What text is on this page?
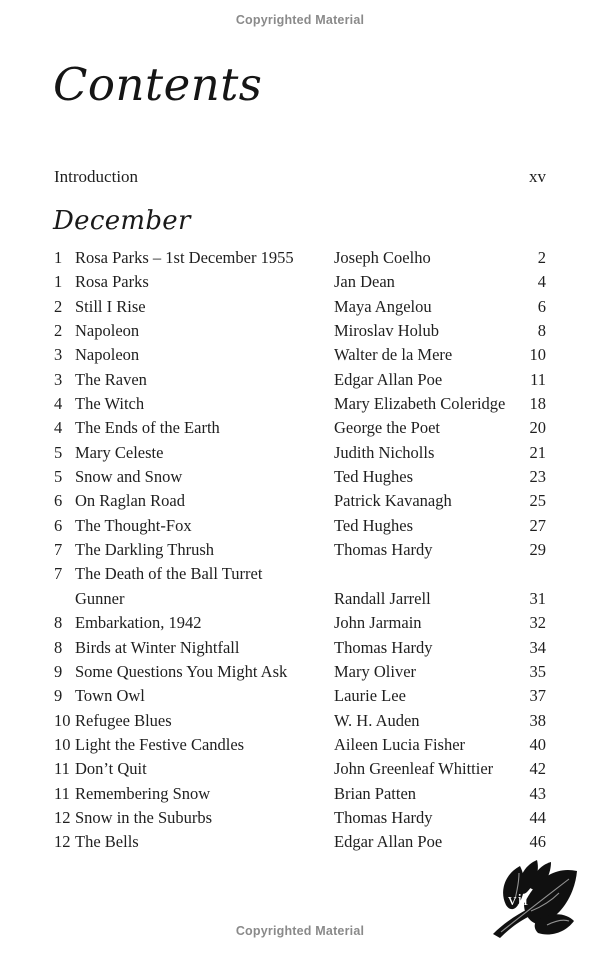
Copyrighted Material
Contents
Introduction	xv
December
1 Rosa Parks – 1st December 1955	Joseph Coelho	2
1 Rosa Parks	Jan Dean	4
2 Still I Rise	Maya Angelou	6
2 Napoleon	Miroslav Holub	8
3 Napoleon	Walter de la Mere	10
3 The Raven	Edgar Allan Poe	11
4 The Witch	Mary Elizabeth Coleridge	18
4 The Ends of the Earth	George the Poet	20
5 Mary Celeste	Judith Nicholls	21
5 Snow and Snow	Ted Hughes	23
6 On Raglan Road	Patrick Kavanagh	25
6 The Thought-Fox	Ted Hughes	27
7 The Darkling Thrush	Thomas Hardy	29
7 The Death of the Ball Turret
Gunner	Randall Jarrell	31
8 Embarkation, 1942	John Jarmain	32
8 Birds at Winter Nightfall	Thomas Hardy	34
9 Some Questions You Might Ask	Mary Oliver	35
9 Town Owl	Laurie Lee	37
10 Refugee Blues	W. H. Auden	38
10 Light the Festive Candles	Aileen Lucia Fisher	40
11 Don’t Quit	John Greenleaf Whittier	42
11 Remembering Snow	Brian Patten	43
12 Snow in the Suburbs	Thomas Hardy	44
12 The Bells	Edgar Allan Poe	46
vii
Copyrighted Material
